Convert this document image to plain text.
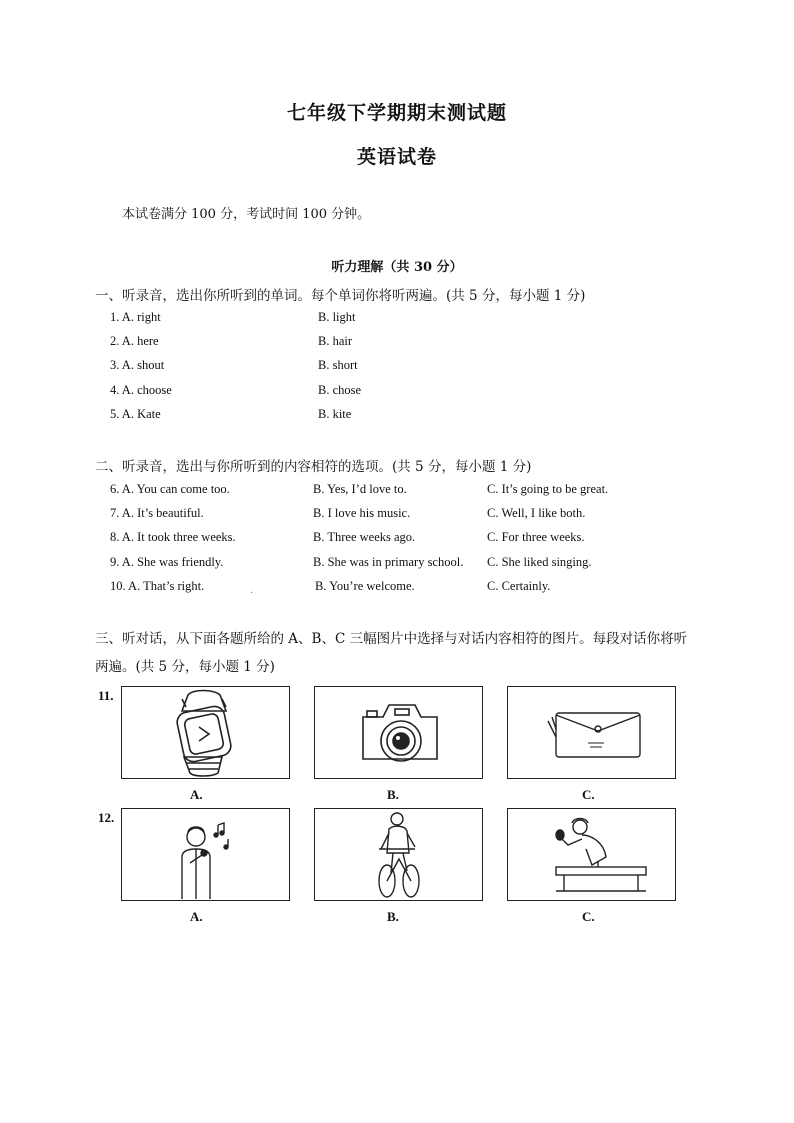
七年级下学期期末测试题
英语试卷
本试卷满分 100 分，考试时间 100 分钟。
听力理解（共 30 分）
一、听录音，选出你所听到的单词。每个单词你将听两遍。(共 5 分，每小题 1 分)
1. A. right	B. light
2. A. here	B. hair
3. A. shout	B. short
4. A. choose	B. chose
5. A. Kate	B. kite
二、听录音，选出与你所听到的内容相符的选项。(共 5 分，每小题 1 分)
6. A. You can come too.	B. Yes, I’d love to.	C. It’s going to be great.
7. A. It’s beautiful.	B. I love his music.	C. Well, I like both.
8. A. It took three weeks.	B. Three weeks ago.	C. For three weeks.
9. A. She was friendly.	B. She was in primary school. C. She liked singing.
10. A. That’s right.	.	B. You’re welcome.	C. Certainly.
三、听对话，从下面各题所给的 A、B、C 三幅图片中选择与对话内容相符的图片。每段对话你将听
两遍。(共 5 分，每小题 1 分)
11.
A.	B.	C.
12.
A.	B.	C.
